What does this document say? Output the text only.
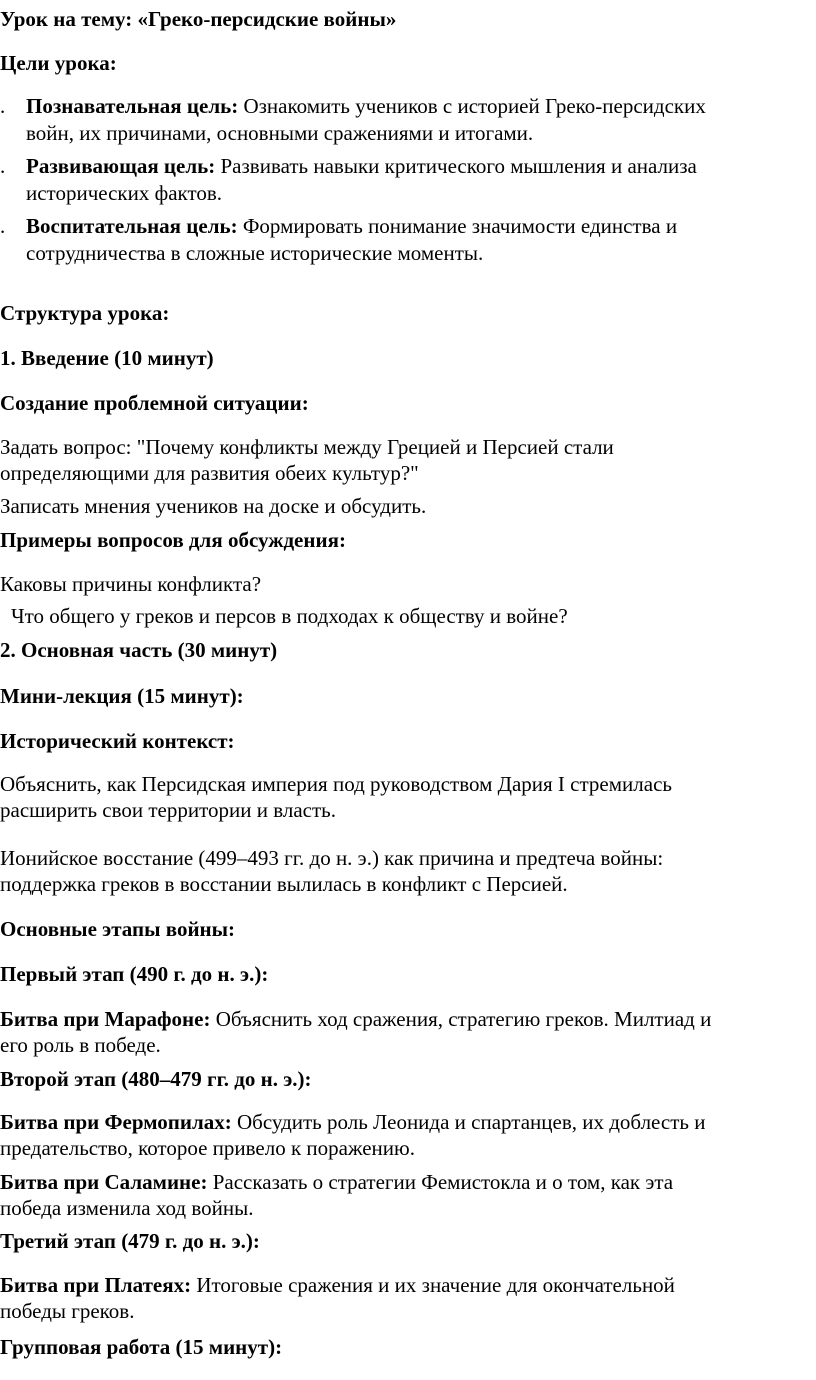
Урок на тему: «Греко-персидские войны»
Цели урока:
. Познавательная цель: Ознакомить учеников с историей Греко-персидских
войн, их причинами, основными сражениями и итогами.
. Развивающая цель: Развивать навыки критического мышления и анализа
исторических фактов.
. Воспитательная цель: Формировать понимание значимости единства и
сотрудничества в сложные исторические моменты.
Структура урока:
1. Введение (10 минут)
Создание проблемной ситуации:
Задать вопрос: "Почему конфликты между Грецией и Персией стали
определяющими для развития обеих культур?"
Записать мнения учеников на доске и обсудить.
Примеры вопросов для обсуждения:
Каковы причины конфликта?
Что общего у греков и персов в подходах к обществу и войне?
2. Основная часть (30 минут)
Мини-лекция (15 минут):
Исторический контекст:
Объяснить, как Персидская империя под руководством Дария I стремилась
расширить свои территории и власть.
Ионийское восстание (499–493 гг. до н. э.) как причина и предтеча войны:
поддержка греков в восстании вылилась в конфликт с Персией.
Основные этапы войны:
Первый этап (490 г. до н. э.):
Битва при Марафоне: Объяснить ход сражения, стратегию греков. Милтиад и
его роль в победе.
Второй этап (480–479 гг. до н. э.):
Битва при Фермопилах: Обсудить роль Леонида и спартанцев, их доблесть и
предательство, которое привело к поражению.
Битва при Саламине: Рассказать о стратегии Фемистокла и о том, как эта
победа изменила ход войны.
Третий этап (479 г. до н. э.):
Битва при Платеях: Итоговые сражения и их значение для окончательной
победы греков.
Групповая работа (15 минут):
